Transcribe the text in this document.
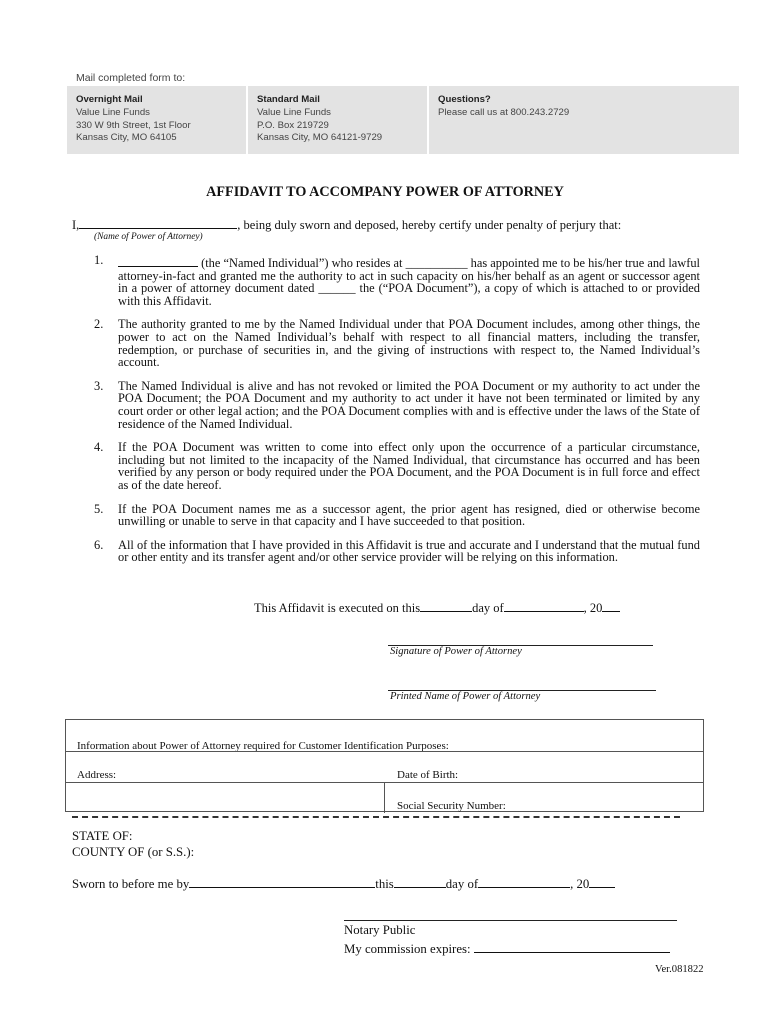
Mail completed form to:
Overnight Mail
Value Line Funds
330 W 9th Street, 1st Floor
Kansas City, MO 64105
Standard Mail
Value Line Funds
P.O. Box 219729
Kansas City, MO 64121-9729
Questions?
Please call us at 800.243.2729
AFFIDAVIT TO ACCOMPANY POWER OF ATTORNEY
I,	, being duly sworn and deposed, hereby certify under penalty of perjury that:
(Name of Power of Attorney)
1.	(the “Named Individual”) who resides at __________ has appointed me to be his/her true and lawful attorney-in-fact and granted me the authority to act in such capacity on his/her behalf as an agent or successor agent in a power of attorney document dated ______ the (“POA Document”), a copy of which is attached to or provided with this Affidavit.
2. The authority granted to me by the Named Individual under that POA Document includes, among other things, the power to act on the Named Individual’s behalf with respect to all financial matters, including the transfer, redemption, or purchase of securities in, and the giving of instructions with respect to, the Named Individual’s account.
3. The Named Individual is alive and has not revoked or limited the POA Document or my authority to act under the POA Document; the POA Document and my authority to act under it have not been terminated or limited by any court order or other legal action; and the POA Document complies with and is effective under the laws of the State of residence of the Named Individual.
4. If the POA Document was written to come into effect only upon the occurrence of a particular circumstance, including but not limited to the incapacity of the Named Individual, that circumstance has occurred and has been verified by any person or body required under the POA Document, and the POA Document is in full force and effect as of the date hereof.
5. If the POA Document names me as a successor agent, the prior agent has resigned, died or otherwise become unwilling or unable to serve in that capacity and I have succeeded to that position.
6. All of the information that I have provided in this Affidavit is true and accurate and I understand that the mutual fund or other entity and its transfer agent and/or other service provider will be relying on this information.
This Affidavit is executed on this	day of	, 20
Signature of Power of Attorney
Printed Name of Power of Attorney
Information about Power of Attorney required for Customer Identification Purposes:
Address:	Date of Birth:
Social Security Number:
STATE OF:
COUNTY OF (or S.S.):
Sworn to before me by	this	day of	, 20
Notary Public
My commission expires:
Ver.081822
